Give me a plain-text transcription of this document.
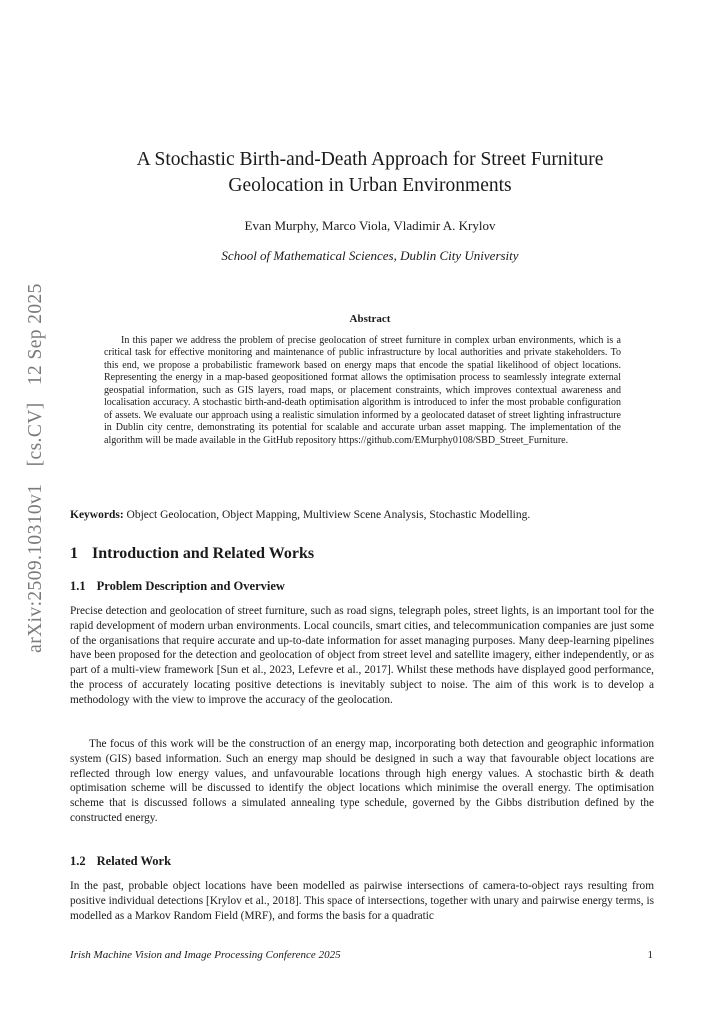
arXiv:2509.10310v1 [cs.CV] 12 Sep 2025
A Stochastic Birth-and-Death Approach for Street Furniture Geolocation in Urban Environments
Evan Murphy, Marco Viola, Vladimir A. Krylov
School of Mathematical Sciences, Dublin City University
Abstract

In this paper we address the problem of precise geolocation of street furniture in complex urban environments, which is a critical task for effective monitoring and maintenance of public infrastructure by local authorities and private stakeholders. To this end, we propose a probabilistic framework based on energy maps that encode the spatial likelihood of object locations. Representing the energy in a map-based geopositioned format allows the optimisation process to seamlessly integrate external geospatial information, such as GIS layers, road maps, or placement constraints, which improves contextual awareness and localisation accuracy. A stochastic birth-and-death optimisation algorithm is introduced to infer the most probable configuration of assets. We evaluate our approach using a realistic simulation informed by a geolocated dataset of street lighting infrastructure in Dublin city centre, demonstrating its potential for scalable and accurate urban asset mapping. The implementation of the algorithm will be made available in the GitHub repository https://github.com/EMurphy0108/SBD_Street_Furniture.

Keywords: Object Geolocation, Object Mapping, Multiview Scene Analysis, Stochastic Modelling.

1 Introduction and Related Works
1.1 Problem Description and Overview

Precise detection and geolocation of street furniture, such as road signs, telegraph poles, street lights, is an important tool for the rapid development of modern urban environments. Local councils, smart cities, and telecommunication companies are just some of the organisations that require accurate and up-to-date information for asset managing purposes. Many deep-learning pipelines have been proposed for the detection and geolocation of object from street level and satellite imagery, either independently, or as part of a multi-view framework [Sun et al., 2023, Lefevre et al., 2017]. Whilst these methods have displayed good performance, the process of accurately locating positive detections is inevitably subject to noise. The aim of this work is to develop a methodology with the view to improve the accuracy of the geolocation.

The focus of this work will be the construction of an energy map, incorporating both detection and geographic information system (GIS) based information. Such an energy map should be designed in such a way that favourable object locations are reflected through low energy values, and unfavourable locations through high energy values. A stochastic birth & death optimisation scheme will be discussed to identify the object locations which minimise the overall energy. The optimisation scheme that is discussed follows a simulated annealing type schedule, governed by the Gibbs distribution defined by the constructed energy.

1.2 Related Work

In the past, probable object locations have been modelled as pairwise intersections of camera-to-object rays resulting from positive individual detections [Krylov et al., 2018]. This space of intersections, together with unary and pairwise energy terms, is modelled as a Markov Random Field (MRF), and forms the basis for a quadratic

Irish Machine Vision and Image Processing Conference 2025	1
